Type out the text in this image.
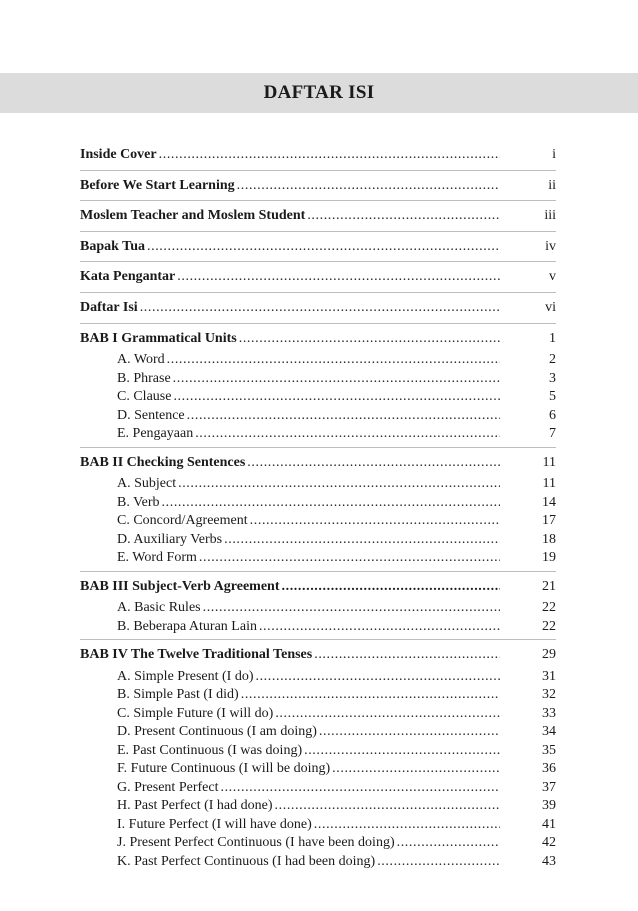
DAFTAR ISI
Inside Cover .....	i
Before We Start Learning .....	ii
Moslem Teacher and Moslem Student .....	iii
Bapak Tua .....	iv
Kata Pengantar .....	v
Daftar Isi .....	vi
BAB I Grammatical Units .....	1
A. Word .....	2
B. Phrase .....	3
C. Clause .....	5
D. Sentence .....	6
E. Pengayaan .....	7
BAB II Checking Sentences .....	11
A. Subject .....	11
B. Verb .....	14
C. Concord/Agreement .....	17
D. Auxiliary Verbs .....	18
E. Word Form .....	19
BAB III Subject-Verb Agreement .....	21
A. Basic Rules .....	22
B. Beberapa Aturan Lain .....	22
BAB IV The Twelve Traditional Tenses .....	29
A. Simple Present (I do) .....	31
B. Simple Past (I did) .....	32
C. Simple Future (I will do) .....	33
D. Present Continuous (I am doing) .....	34
E. Past Continuous (I was doing) .....	35
F. Future Continuous (I will be doing) .....	36
G. Present Perfect .....	37
H. Past Perfect (I had done) .....	39
I. Future Perfect (I will have done) .....	41
J. Present Perfect Continuous (I have been doing) .....	42
K. Past Perfect Continuous (I had been doing) .....	43
